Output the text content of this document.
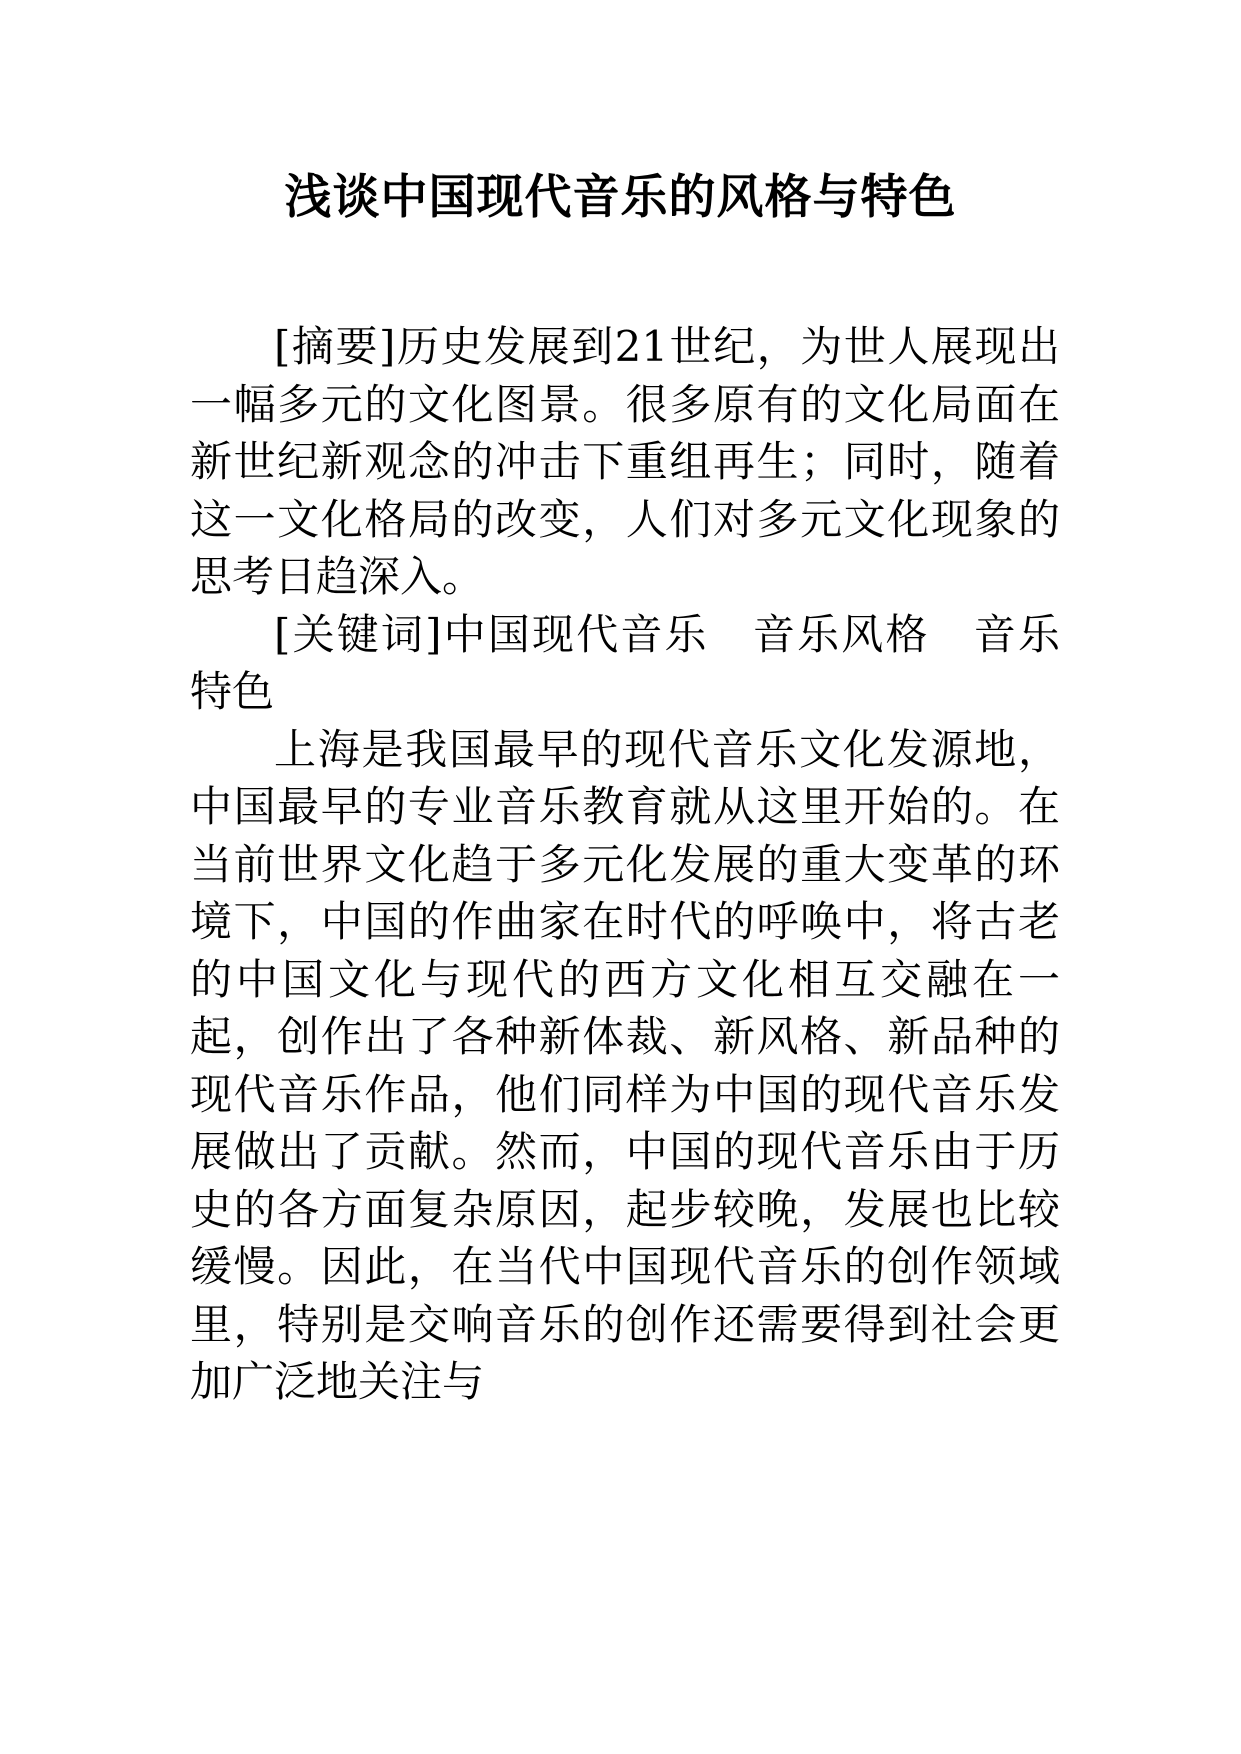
浅谈中国现代音乐的风格与特色

[摘要]历史发展到21世纪，为世人展现出一幅多元的文化图景。很多原有的文化局面在新世纪新观念的冲击下重组再生；同时，随着这一文化格局的改变，人们对多元文化现象的思考日趋深入。

[关键词]中国现代音乐　音乐风格　音乐特色

上海是我国最早的现代音乐文化发源地，中国最早的专业音乐教育就从这里开始的。在当前世界文化趋于多元化发展的重大变革的环境下，中国的作曲家在时代的呼唤中，将古老的中国文化与现代的西方文化相互交融在一起，创作出了各种新体裁、新风格、新品种的现代音乐作品，他们同样为中国的现代音乐发展做出了贡献。然而，中国的现代音乐由于历史的各方面复杂原因，起步较晚，发展也比较缓慢。因此，在当代中国现代音乐的创作领域里，特别是交响音乐的创作还需要得到社会更加广泛地关注与
